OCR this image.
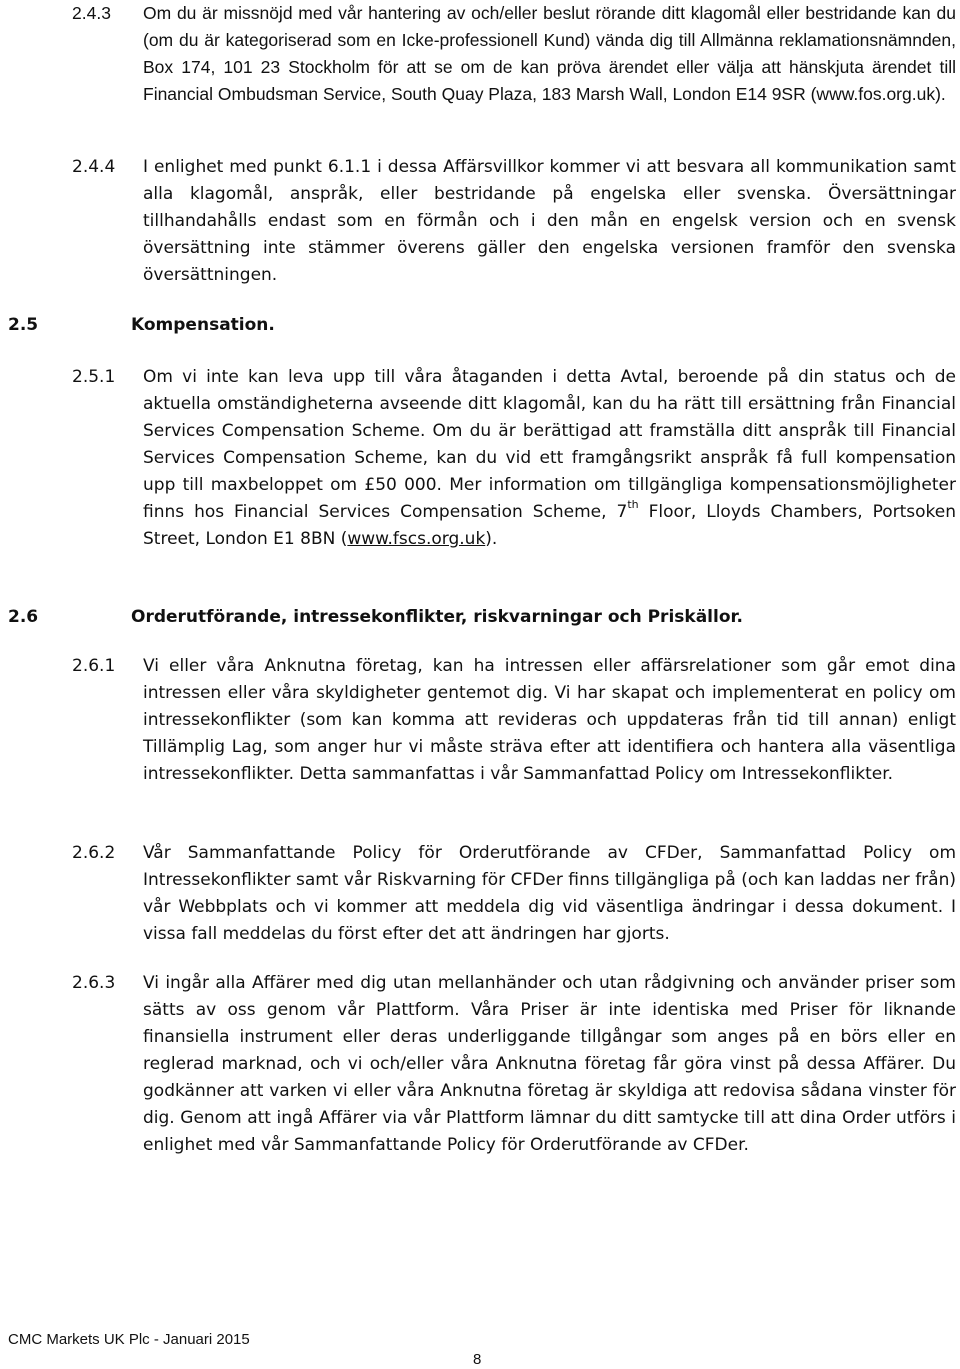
2.4.3 Om du är missnöjd med vår hantering av och/eller beslut rörande ditt klagomål eller bestridande kan du (om du är kategoriserad som en Icke-professionell Kund) vända dig till Allmänna reklamationsnämnden, Box 174, 101 23 Stockholm för att se om de kan pröva ärendet eller välja att hänskjuta ärendet till Financial Ombudsman Service, South Quay Plaza, 183 Marsh Wall, London E14 9SR (www.fos.org.uk).

2.4.4 I enlighet med punkt 6.1.1 i dessa Affärsvillkor kommer vi att besvara all kommunikation samt alla klagomål, anspråk, eller bestridande på engelska eller svenska. Översättningar tillhandahålls endast som en förmån och i den mån en engelsk version och en svensk översättning inte stämmer överens gäller den engelska versionen framför den svenska översättningen.

2.5	Kompensation.

2.5.1 Om vi inte kan leva upp till våra åtaganden i detta Avtal, beroende på din status och de aktuella omständigheterna avseende ditt klagomål, kan du ha rätt till ersättning från Financial Services Compensation Scheme. Om du är berättigad att framställa ditt anspråk till Financial Services Compensation Scheme, kan du vid ett framgångsrikt anspråk få full kompensation upp till maxbeloppet om £50 000. Mer information om tillgängliga kompensationsmöjligheter finns hos Financial Services Compensation Scheme, 7th Floor, Lloyds Chambers, Portsoken Street, London E1 8BN (www.fscs.org.uk).

2.6	Orderutförande, intressekonflikter, riskvarningar och Priskällor.

2.6.1 Vi eller våra Anknutna företag, kan ha intressen eller affärsrelationer som går emot dina intressen eller våra skyldigheter gentemot dig. Vi har skapat och implementerat en policy om intressekonflikter (som kan komma att revideras och uppdateras från tid till annan) enligt Tillämplig Lag, som anger hur vi måste sträva efter att identifiera och hantera alla väsentliga intressekonflikter. Detta sammanfattas i vår Sammanfattad Policy om Intressekonflikter.

2.6.2 Vår Sammanfattande Policy för Orderutförande av CFDer, Sammanfattad Policy om Intressekonflikter samt vår Riskvarning för CFDer finns tillgängliga på (och kan laddas ner från) vår Webbplats och vi kommer att meddela dig vid väsentliga ändringar i dessa dokument. I vissa fall meddelas du först efter det att ändringen har gjorts.

2.6.3 Vi ingår alla Affärer med dig utan mellanhänder och utan rådgivning och använder priser som sätts av oss genom vår Plattform. Våra Priser är inte identiska med Priser för liknande finansiella instrument eller deras underliggande tillgångar som anges på en börs eller en reglerad marknad, och vi och/eller våra Anknutna företag får göra vinst på dessa Affärer. Du godkänner att varken vi eller våra Anknutna företag är skyldiga att redovisa sådana vinster för dig. Genom att ingå Affärer via vår Plattform lämnar du ditt samtycke till att dina Order utförs i enlighet med vår Sammanfattande Policy för Orderutförande av CFDer.

CMC Markets UK Plc - Januari 2015

8
